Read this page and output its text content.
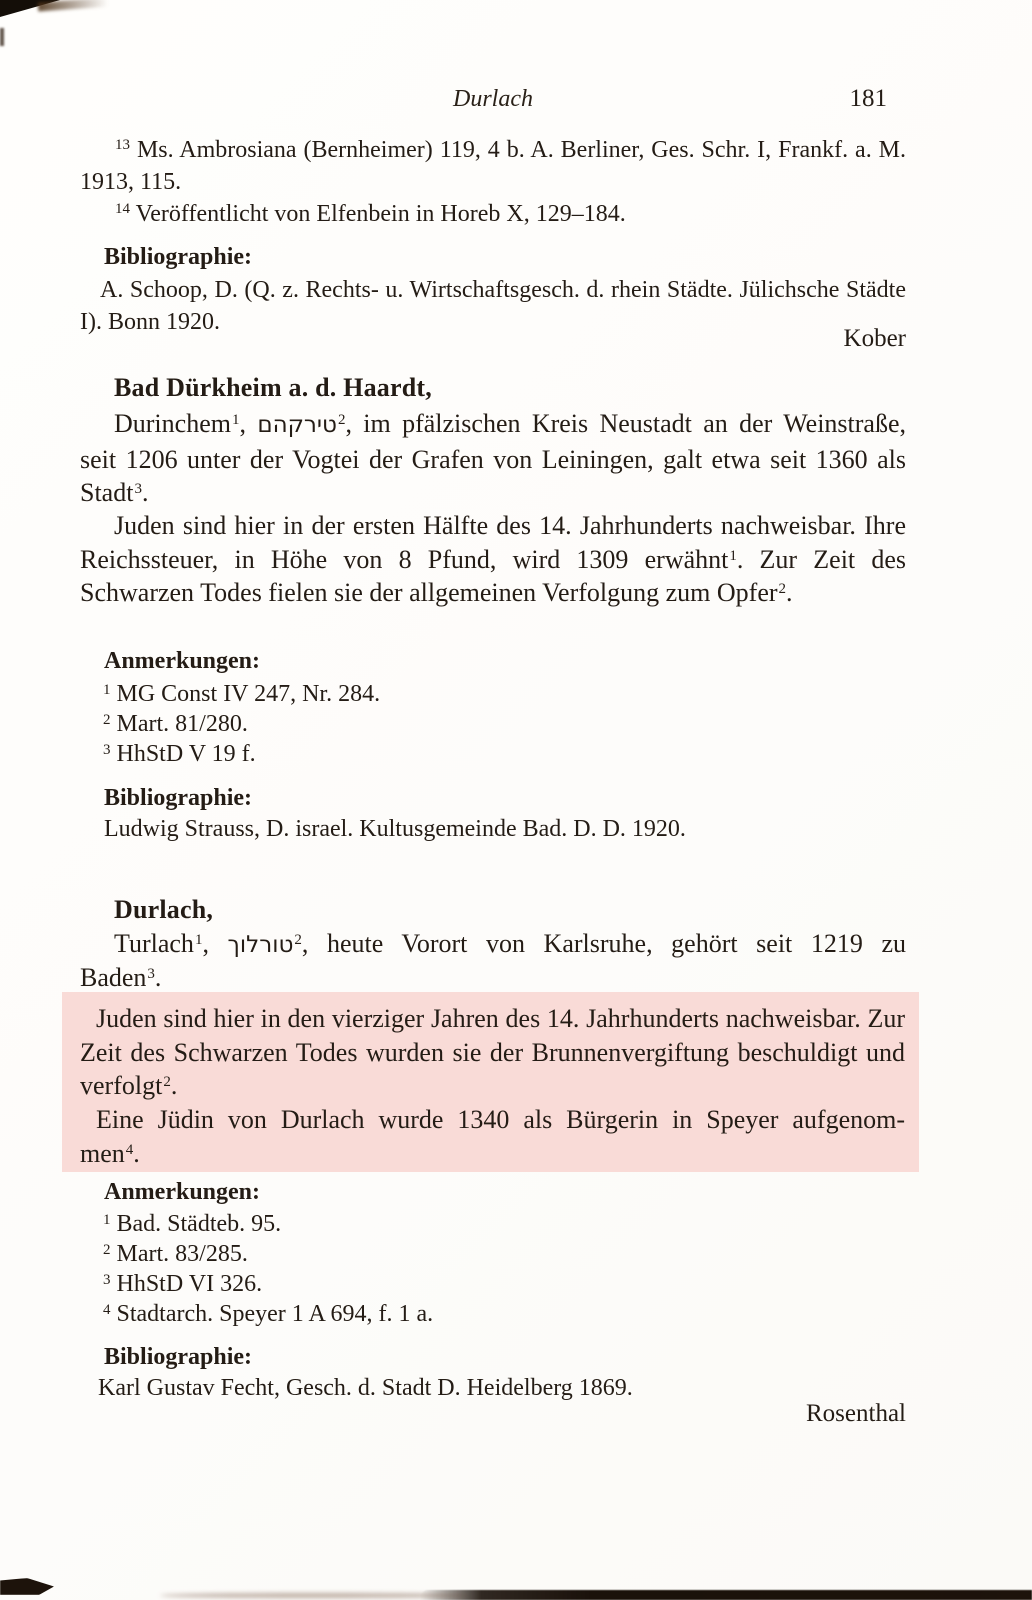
Durlach	181
$^{13}$ Ms. Ambrosiana (Bernheimer) 119, 4 b. A. Berliner, Ges. Schr. I, Frankf. a. M. 1913, 115.
$^{14}$ Veröffentlicht von Elfenbein in Horeb X, 129–184.
Bibliographie:
A. Schoop, D. (Q. z. Rechts- u. Wirtschaftsgesch. d. rhein Städte. Jülichsche Städte I). Bonn 1920.
Kober
Bad Dürkheim a. d. Haardt,
Durinchem$^1$, טירקהם$^2$, im pfälzischen Kreis Neustadt an der Weinstraße, seit 1206 unter der Vogtei der Grafen von Leiningen, galt etwa seit 1360 als Stadt$^3$.
Juden sind hier in der ersten Hälfte des 14. Jahrhunderts nachweisbar. Ihre Reichssteuer, in Höhe von 8 Pfund, wird 1309 erwähnt$^1$. Zur Zeit des Schwarzen Todes fielen sie der allgemeinen Verfolgung zum Opfer$^2$.
Anmerkungen:
$^1$ MG Const IV 247, Nr. 284.
$^2$ Mart. 81/280.
$^3$ HhStD V 19 f.
Bibliographie:
Ludwig Strauss, D. israel. Kultusgemeinde Bad. D. D. 1920.
Durlach,
Turlach$^1$, טורלוך$^2$, heute Vorort von Karlsruhe, gehört seit 1219 zu
Baden$^3$.
Juden sind hier in den vierziger Jahren des 14. Jahrhunderts nachweisbar. Zur Zeit des Schwarzen Todes wurden sie der Brunnenvergiftung beschuldigt und verfolgt$^2$.
Eine Jüdin von Durlach wurde 1340 als Bürgerin in Speyer aufgenom-
men$^4$.
Anmerkungen:
$^1$ Bad. Städteb. 95.
$^2$ Mart. 83/285.
$^3$ HhStD VI 326.
$^4$ Stadtarch. Speyer 1 A 694, f. 1 a.
Bibliographie:
Karl Gustav Fecht, Gesch. d. Stadt D. Heidelberg 1869.
Rosenthal
